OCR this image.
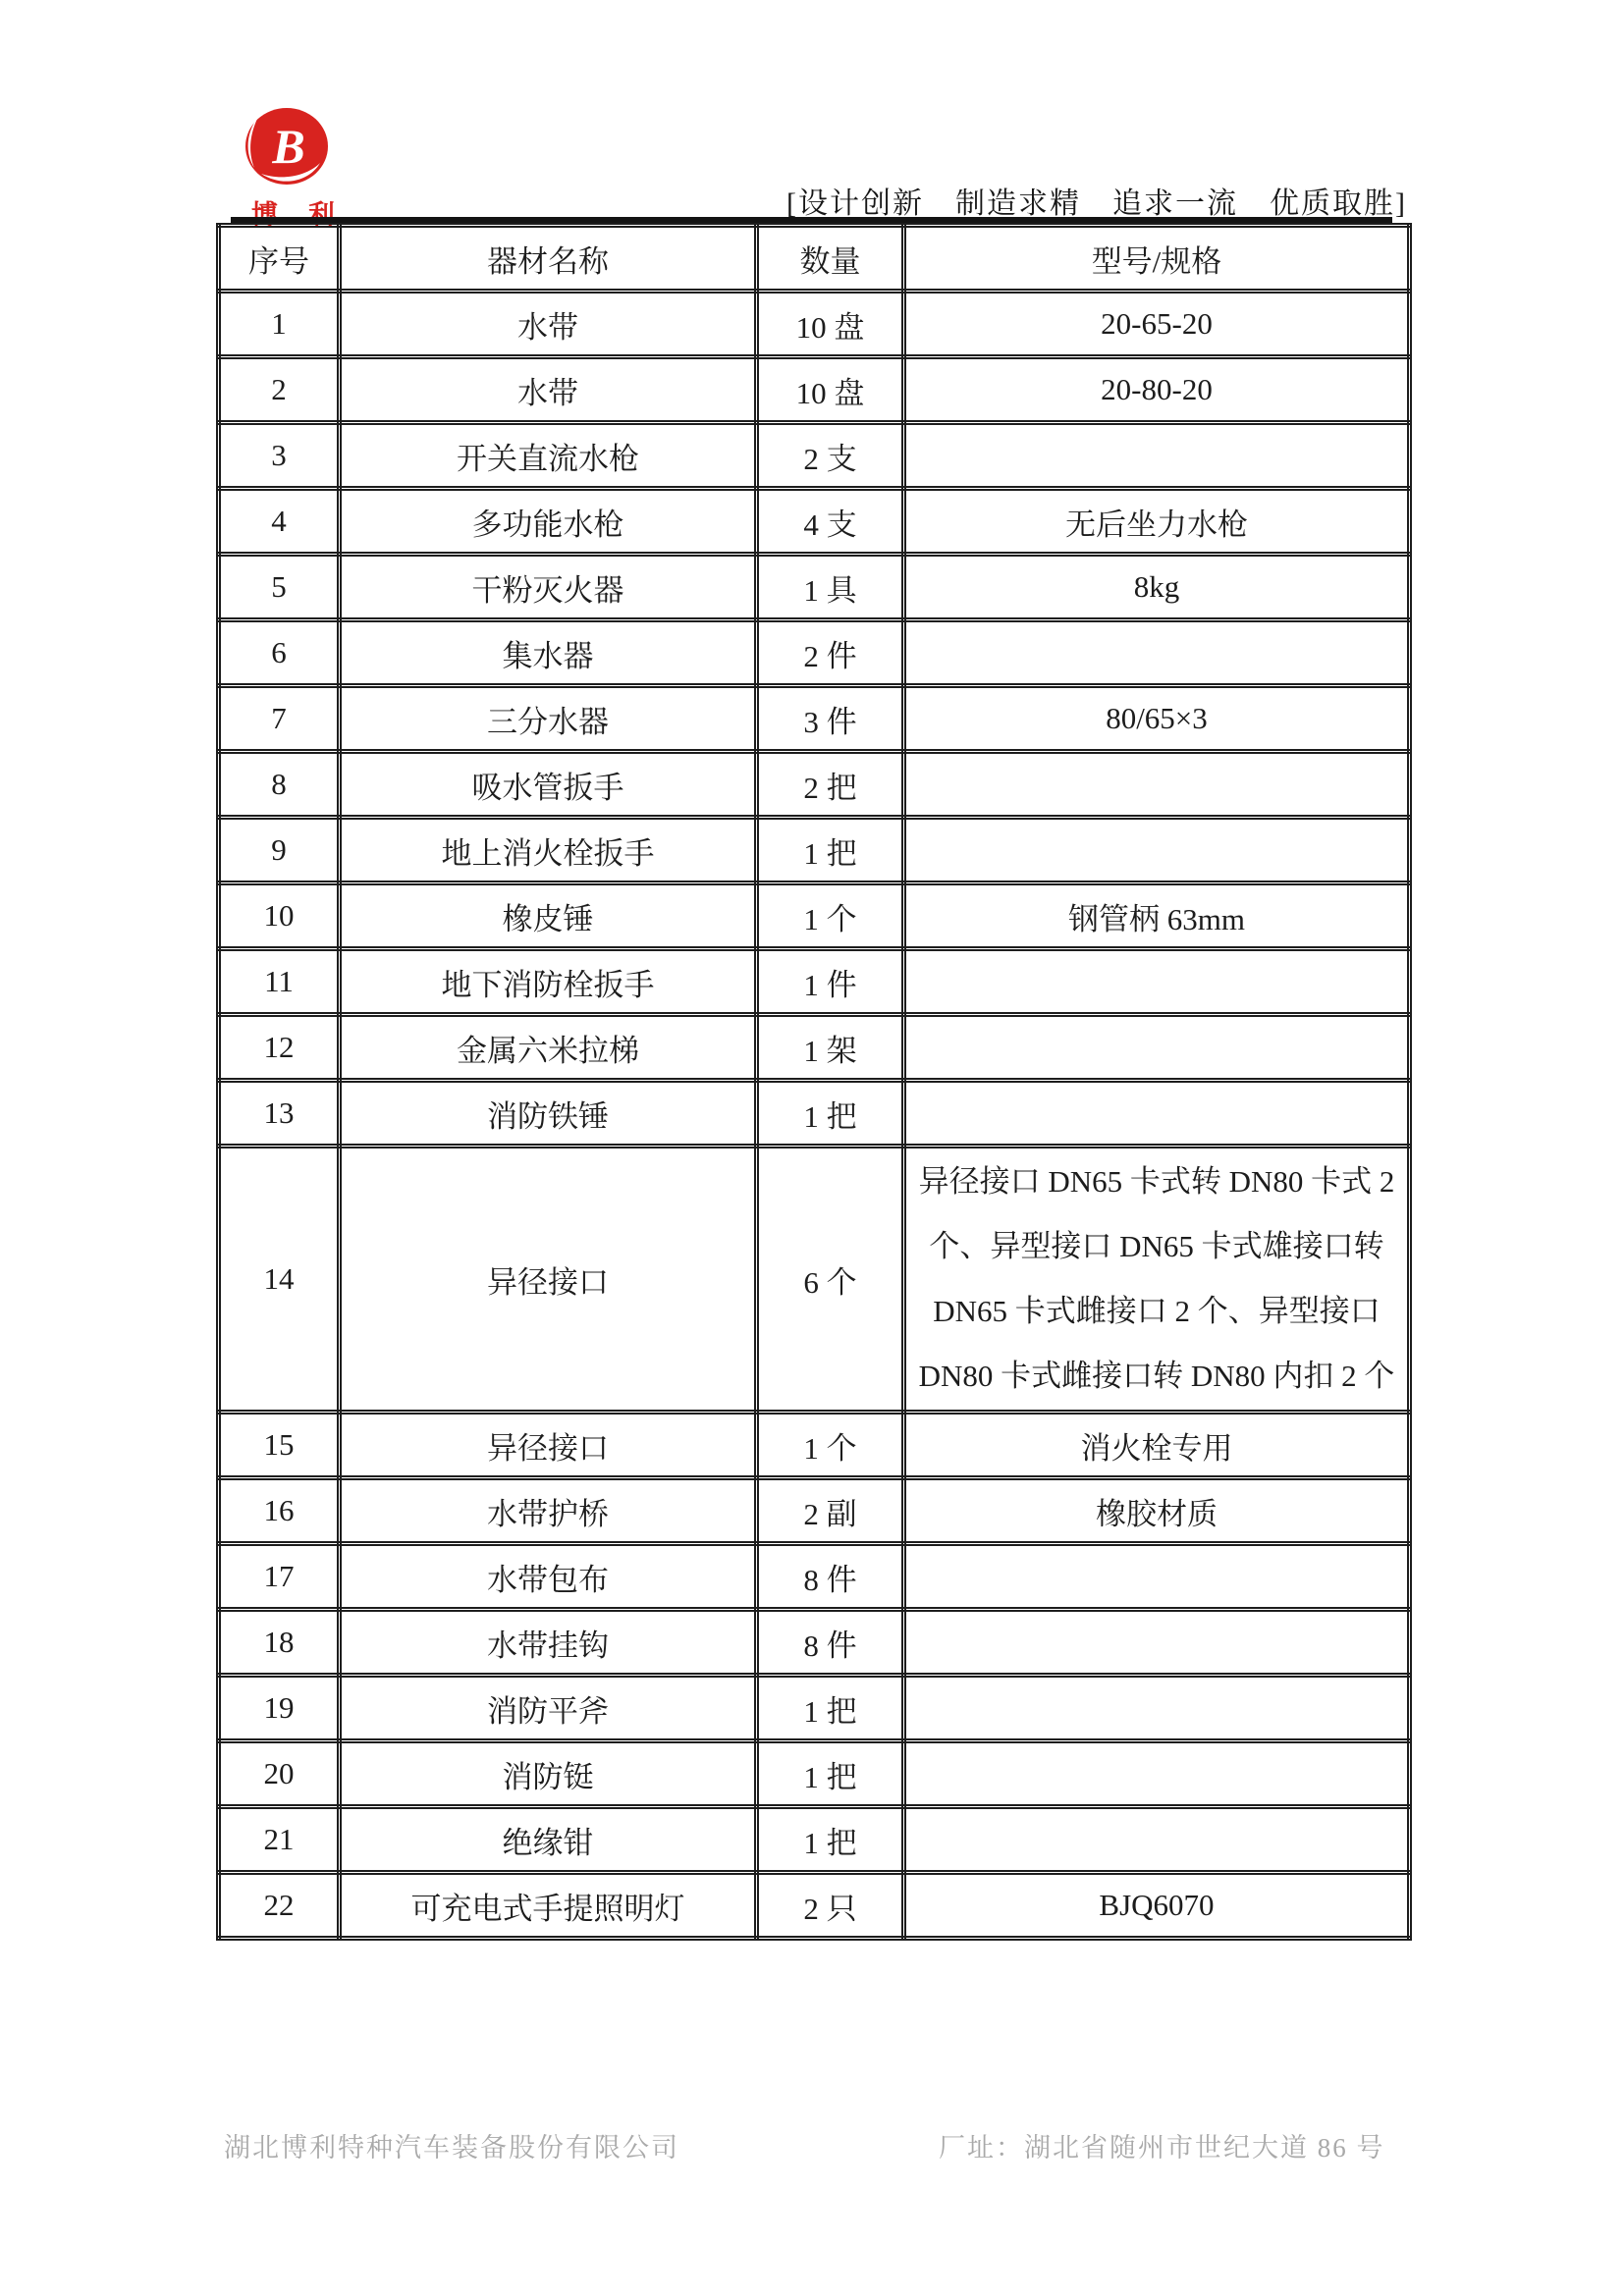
B
博 利	[设计创新　制造求精　追求一流　优质取胜]
序号	器材名称	数量	型号/规格
1	水带	10 盘	20-65-20
2	水带	10 盘	20-80-20
3	开关直流水枪	2 支	
4	多功能水枪	4 支	无后坐力水枪
5	干粉灭火器	1 具	8kg
6	集水器	2 件	
7	三分水器	3 件	80/65×3
8	吸水管扳手	2 把	
9	地上消火栓扳手	1 把	
10	橡皮锤	1 个	钢管柄 63mm
11	地下消防栓扳手	1 件	
12	金属六米拉梯	1 架	
13	消防铁锤	1 把	
14	异径接口	6 个	异径接口 DN65 卡式转 DN80 卡式 2 个、异型接口 DN65 卡式雄接口转 DN65 卡式雌接口 2 个、异型接口 DN80 卡式雌接口转 DN80 内扣 2 个
15	异径接口	1 个	消火栓专用
16	水带护桥	2 副	橡胶材质
17	水带包布	8 件	
18	水带挂钩	8 件	
19	消防平斧	1 把	
20	消防铤	1 把	
21	绝缘钳	1 把	
22	可充电式手提照明灯	2 只	BJQ6070
湖北博利特种汽车装备股份有限公司	厂址：湖北省随州市世纪大道 86 号
